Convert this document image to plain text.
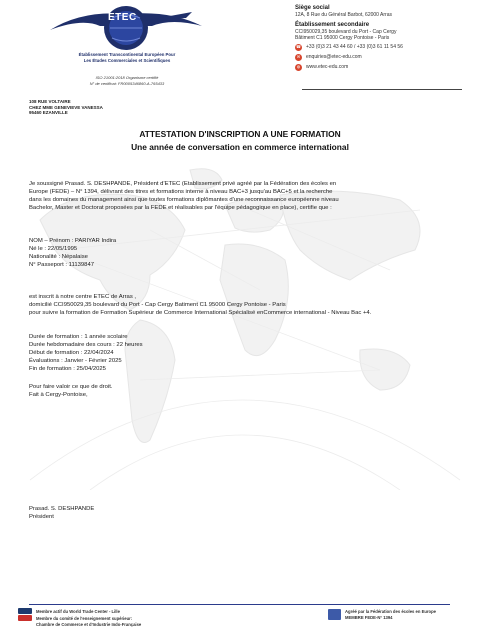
ETEC
Établissement Transcontinental Européen Pour
Les Études Commerciales et Scientifiques
ISO 21001:2018 Organisme certifié
N° de certificat: FR0005346860-A-765433
Siège social
12A, 8 Rue du Général Barbot, 62000 Arras
Établissement secondaire
CCI950029,35 boulevard du Port - Cap Cergy
Bâtiment C1 95000 Cergy Pontoise - Paris
☎ +33 (0)3 21 43 44 60 / +33 (0)3 61 11 54 56
✉	enquiries@etec-edu.com
◍	www.etec-edu.com
108 RUE VOLTAIRE
CHEZ MME GENEVIEVE VANESSA
95460 EZANVILLE
ATTESTATION D'INSCRIPTION A UNE FORMATION
Une année de conversation en commerce international
Je soussigné Prasad. S. DESHPANDE, Président d'ETEC (Etablissement privé agréé par la Fédération des écoles en
Europe (FEDE) – N° 1394, délivrant des titres et formations interne à niveau BAC+3 jusqu'au BAC+5 et la recherche
dans les domaines du management ainsi que toutes formations diplômantes d'une reconnaissance européenne niveau
Bachelor, Master et Doctorat proposées par la FEDE et réalisables par l'équipe pédagogique en place), certifie que :
NOM – Prénom : PARIYAR Indira
Né le : 22/05/1995
Nationalité : Népalaise
N° Passeport : 11139847
est inscrit à notre centre ETEC de Arras ,
domicilié CCI950029,35 boulevard du Port - Cap Cergy Batiment C1 95000 Cergy Pontoise - Paris
pour suivre la formation de Formation Supérieur de Commerce International Spécialisé enCommerce international - Niveau Bac +4.
Durée de formation : 1 année scolaire
Durée hebdomadaire des cours : 22 heures
Début de formation : 22/04/2024
Évaluations : Janvier - Février 2025
Fin de formation : 25/04/2025
Pour faire valoir ce que de droit.
Fait à Cergy-Pontoise,
Prasad. S. DESHPANDE
Président
Membre actif du World Trade Center - Lille
Membre du comité de l'enseignement supérieur:
Chambre de Commerce et d'Industrie Indo-Française
Agréé par la Fédération des écoles en Europe
MEMBRE FEDE-N° 1394
